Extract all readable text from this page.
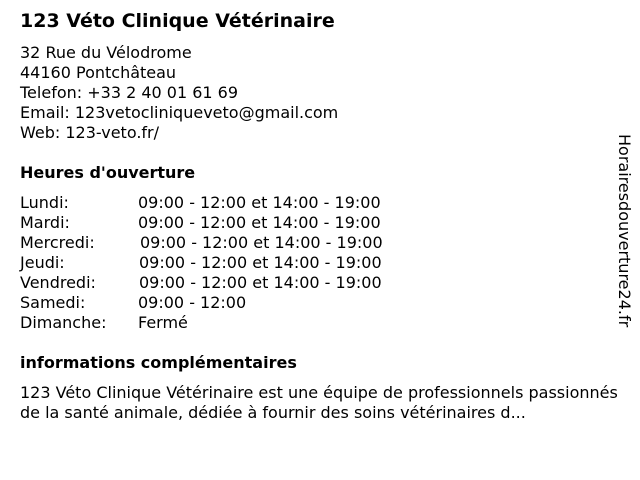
123 Véto Clinique Vétérinaire
32 Rue du Vélodrome
44160 Pontchâteau
Telefon: +33 2 40 01 61 69
Email: 123vetocliniqueveto@gmail.com
Web: 123-veto.fr/
Heures d'ouverture
Lundi:	09:00 - 12:00 et 14:00 - 19:00
Mardi:	09:00 - 12:00 et 14:00 - 19:00
Mercredi:	09:00 - 12:00 et 14:00 - 19:00
Jeudi:	09:00 - 12:00 et 14:00 - 19:00
Vendredi:	09:00 - 12:00 et 14:00 - 19:00
Samedi:	09:00 - 12:00
Dimanche: Fermé
informations complémentaires
123 Véto Clinique Vétérinaire est une équipe de professionnels passionnés de la santé animale, dédiée à fournir des soins vétérinaires d...
Horairesdouverture24.fr
